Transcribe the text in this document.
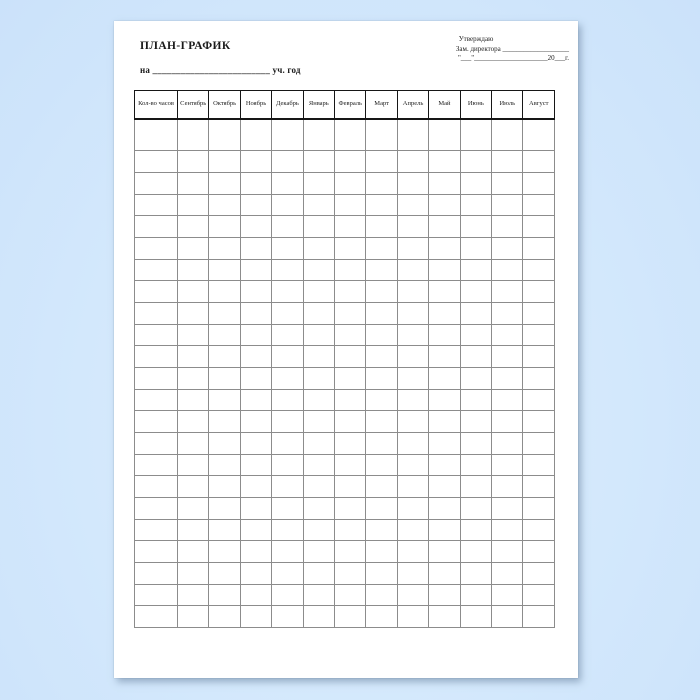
ПЛАН-ГРАФИК
Утверждаю
Зам. директора ___________________
"___"_____________________20___г.
на _________________________ уч. год
Кол-во часов	Сентябрь	Октябрь	Ноябрь	Декабрь	Январь	Февраль	Март	Апрель	Май	Июнь	Июль	Август
